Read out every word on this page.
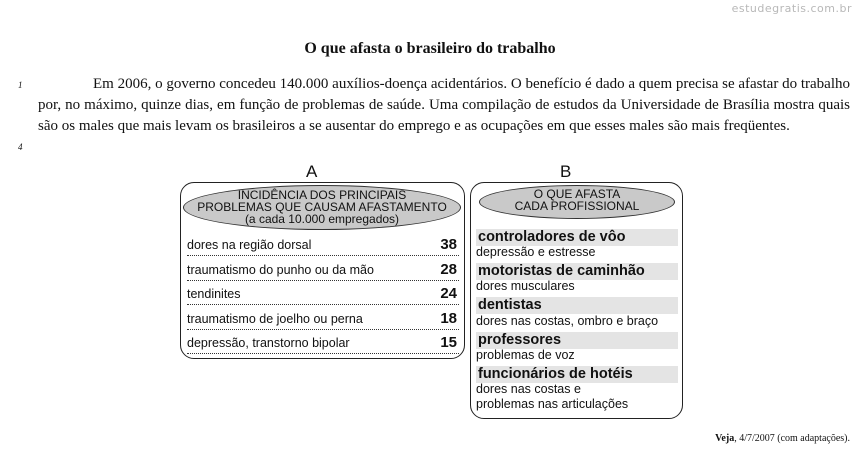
estudegratis.com.br
O que afasta o brasileiro do trabalho
1
4
Em 2006, o governo concedeu 140.000 auxílios-doença acidentários. O benefício é dado a quem precisa se afastar do trabalho por, no máximo, quinze dias, em função de problemas de saúde. Uma compilação de estudos da Universidade de Brasília mostra quais são os males que mais levam os brasileiros a se ausentar do emprego e as ocupações em que esses males são mais freqüentes.
A
INCIDÊNCIA DOS PRINCIPAIS
PROBLEMAS QUE CAUSAM AFASTAMENTO
(a cada 10.000 empregados)
dores na região dorsal	38
traumatismo do punho ou da mão	28
tendinites	24
traumatismo de joelho ou perna	18
depressão, transtorno bipolar	15
B
O QUE AFASTA
CADA PROFISSIONAL
controladores de vôo
depressão e estresse
motoristas de caminhão
dores musculares
dentistas
dores nas costas, ombro e braço
professores
problemas de voz
funcionários de hotéis
dores nas costas e
problemas nas articulações
Veja, 4/7/2007 (com adaptações).
